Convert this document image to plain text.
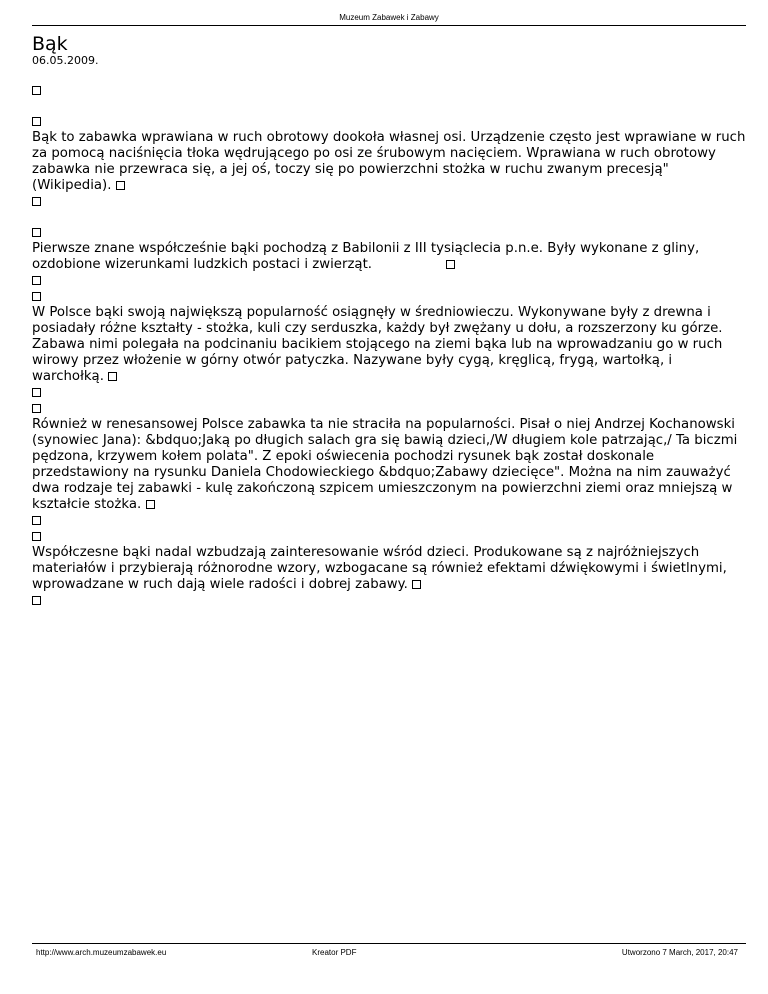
Muzeum Zabawek i Zabawy
Bąk
06.05.2009.
Bąk to zabawka wprawiana w ruch obrotowy dookoła własnej osi. Urządzenie często jest wprawiane w ruch za pomocą naciśnięcia tłoka wędrującego po osi ze śrubowym nacięciem. Wprawiana w ruch obrotowy zabawka nie przewraca się, a jej oś, toczy się po powierzchni stożka w ruchu zwanym precesją" (Wikipedia).
Pierwsze znane współcześnie bąki pochodzą z Babilonii z III tysiąclecia p.n.e. Były wykonane z gliny, ozdobione wizerunkami ludzkich postaci i zwierząt.
W Polsce bąki swoją największą popularność osiągnęły w średniowieczu. Wykonywane były z drewna i posiadały różne kształty - stożka, kuli czy serduszka, każdy był zwężany u dołu, a rozszerzony ku górze. Zabawa nimi polegała na podcinaniu bacikiem stojącego na ziemi bąka lub na wprowadzaniu go w ruch wirowy przez włożenie w górny otwór patyczka. Nazywane były cygą, kręglicą, frygą, wartołką, i warchołką.
Również w renesansowej Polsce zabawka ta nie straciła na popularności. Pisał o niej Andrzej Kochanowski (synowiec Jana): &bdquo;Jaką po długich salach gra się bawią dzieci,/W długiem kole patrzając,/ Ta biczmi pędzona, krzywem kołem polata". Z epoki oświecenia pochodzi rysunek bąk został doskonale przedstawiony na rysunku Daniela Chodowieckiego &bdquo;Zabawy dziecięce". Można na nim zauważyć dwa rodzaje tej zabawki - kulę zakończoną szpicem umieszczonym na powierzchni ziemi oraz mniejszą w kształcie stożka.
Współczesne bąki nadal wzbudzają zainteresowanie wśród dzieci. Produkowane są z najróżniejszych materiałów i przybierają różnorodne wzory, wzbogacane są również efektami dźwiękowymi i świetlnymi, wprowadzane w ruch dają wiele radości i dobrej zabawy.
http://www.arch.muzeumzabawek.eu	Kreator PDF	Utworzono 7 March, 2017, 20:47
